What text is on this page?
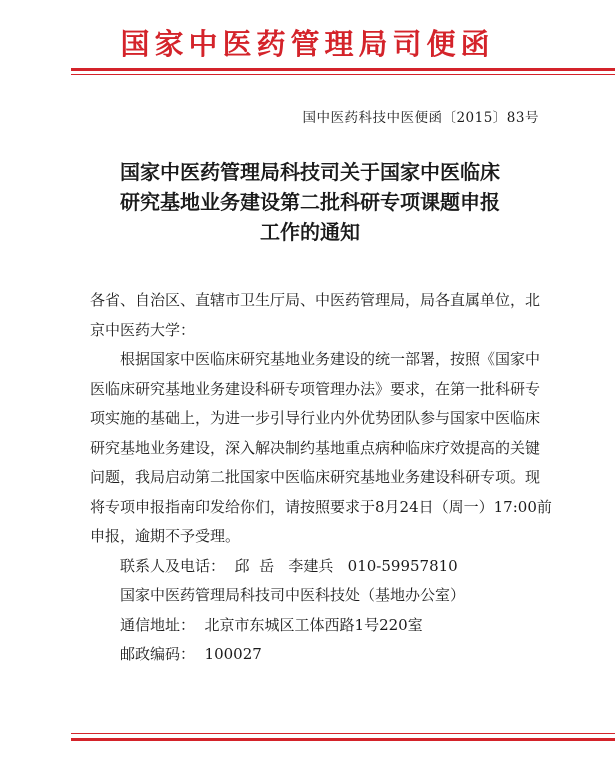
国家中医药管理局司便函
国中医药科技中医便函〔2015〕83号
国家中医药管理局科技司关于国家中医临床
研究基地业务建设第二批科研专项课题申报
工作的通知

各省、自治区、直辖市卫生厅局、中医药管理局，局各直属单位，北京中医药大学：

根据国家中医临床研究基地业务建设的统一部署，按照《国家中医临床研究基地业务建设科研专项管理办法》要求，在第一批科研专项实施的基础上，为进一步引导行业内外优势团队参与国家中医临床研究基地业务建设，深入解决制约基地重点病种临床疗效提高的关键问题，我局启动第二批国家中医临床研究基地业务建设科研专项。现将专项申报指南印发给你们，请按照要求于8月24日（周一）17:00前申报，逾期不予受理。

联系人及电话：  邱  岳   李建兵   010-59957810

国家中医药管理局科技司中医科技处（基地办公室）

通信地址：  北京市东城区工体西路1号220室

邮政编码：  100027
